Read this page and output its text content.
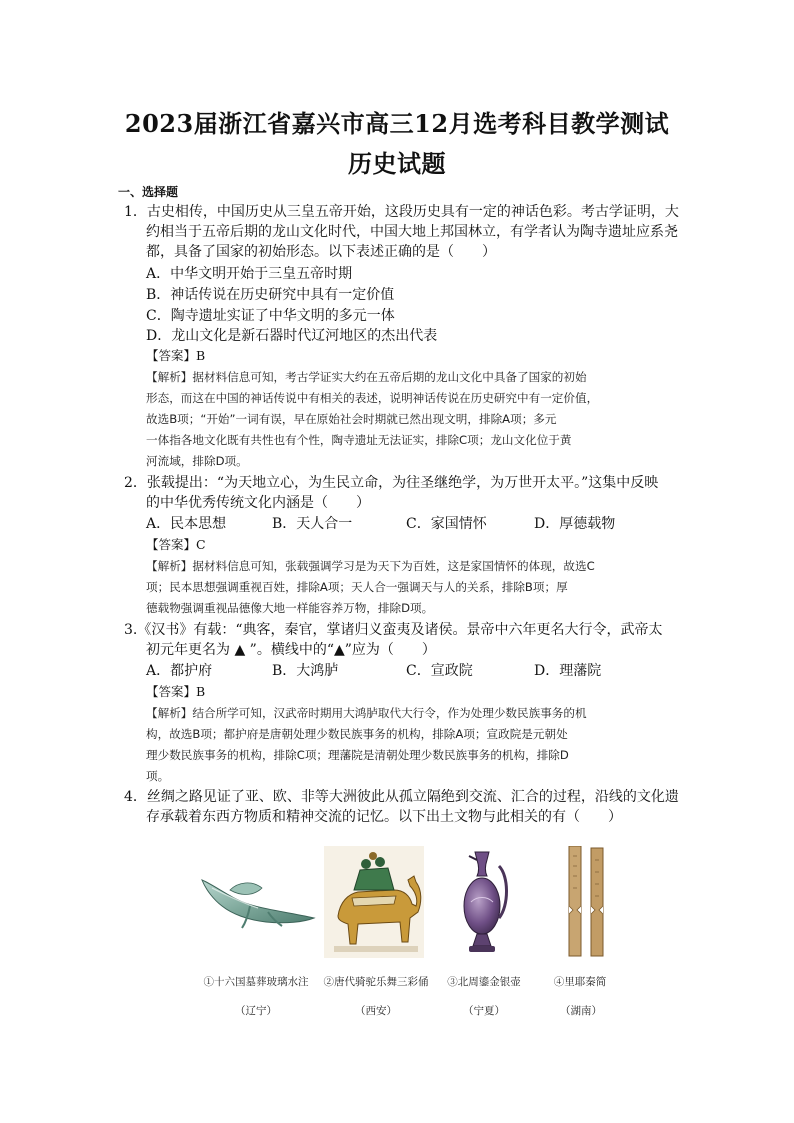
2023届浙江省嘉兴市高三12月选考科目教学测试
历史试题
一、选择题
1．古史相传，中国历史从三皇五帝开始，这段历史具有一定的神话色彩。考古学证明，大
约相当于五帝后期的龙山文化时代，中国大地上邦国林立，有学者认为陶寺遗址应系尧
都，具备了国家的初始形态。以下表述正确的是（　　）
A．中华文明开始于三皇五帝时期
B．神话传说在历史研究中具有一定价值
C．陶寺遗址实证了中华文明的多元一体
D．龙山文化是新石器时代辽河地区的杰出代表
【答案】B
【解析】据材料信息可知，考古学证实大约在五帝后期的龙山文化中具备了国家的初始
形态，而这在中国的神话传说中有相关的表述，说明神话传说在历史研究中有一定价值，
故选B项；“开始”一词有误，早在原始社会时期就已然出现文明，排除A项；多元
一体指各地文化既有共性也有个性，陶寺遗址无法证实，排除C项；龙山文化位于黄
河流域，排除D项。
2．张载提出：“为天地立心，为生民立命，为往圣继绝学，为万世开太平。”这集中反映
的中华优秀传统文化内涵是（　　）
A．民本思想	B．天人合一	C．家国情怀	D．厚德载物
【答案】C
【解析】据材料信息可知，张载强调学习是为天下为百姓，这是家国情怀的体现，故选C
项；民本思想强调重视百姓，排除A项；天人合一强调天与人的关系，排除B项；厚
德载物强调重视品德像大地一样能容养万物，排除D项。
3.《汉书》有载：“典客，秦官，掌诸归义蛮夷及诸侯。景帝中六年更名大行令，武帝太
初元年更名为 ▲ ”。横线中的“▲”应为（　　）
A．都护府	B．大鸿胪	C．宣政院	D．理藩院
【答案】B
【解析】结合所学可知，汉武帝时期用大鸿胪取代大行令，作为处理少数民族事务的机
构，故选B项；都护府是唐朝处理少数民族事务的机构，排除A项；宣政院是元朝处
理少数民族事务的机构，排除C项；理藩院是清朝处理少数民族事务的机构，排除D
项。
4．丝绸之路见证了亚、欧、非等大洲彼此从孤立隔绝到交流、汇合的过程，沿线的文化遗
存承载着东西方物质和精神交流的记忆。以下出土文物与此相关的有（　　）
①十六国墓葬玻璃水注	②唐代骑驼乐舞三彩俑	③北周鎏金银壶	④里耶秦简
（辽宁）	（西安）	（宁夏）	（湖南）
